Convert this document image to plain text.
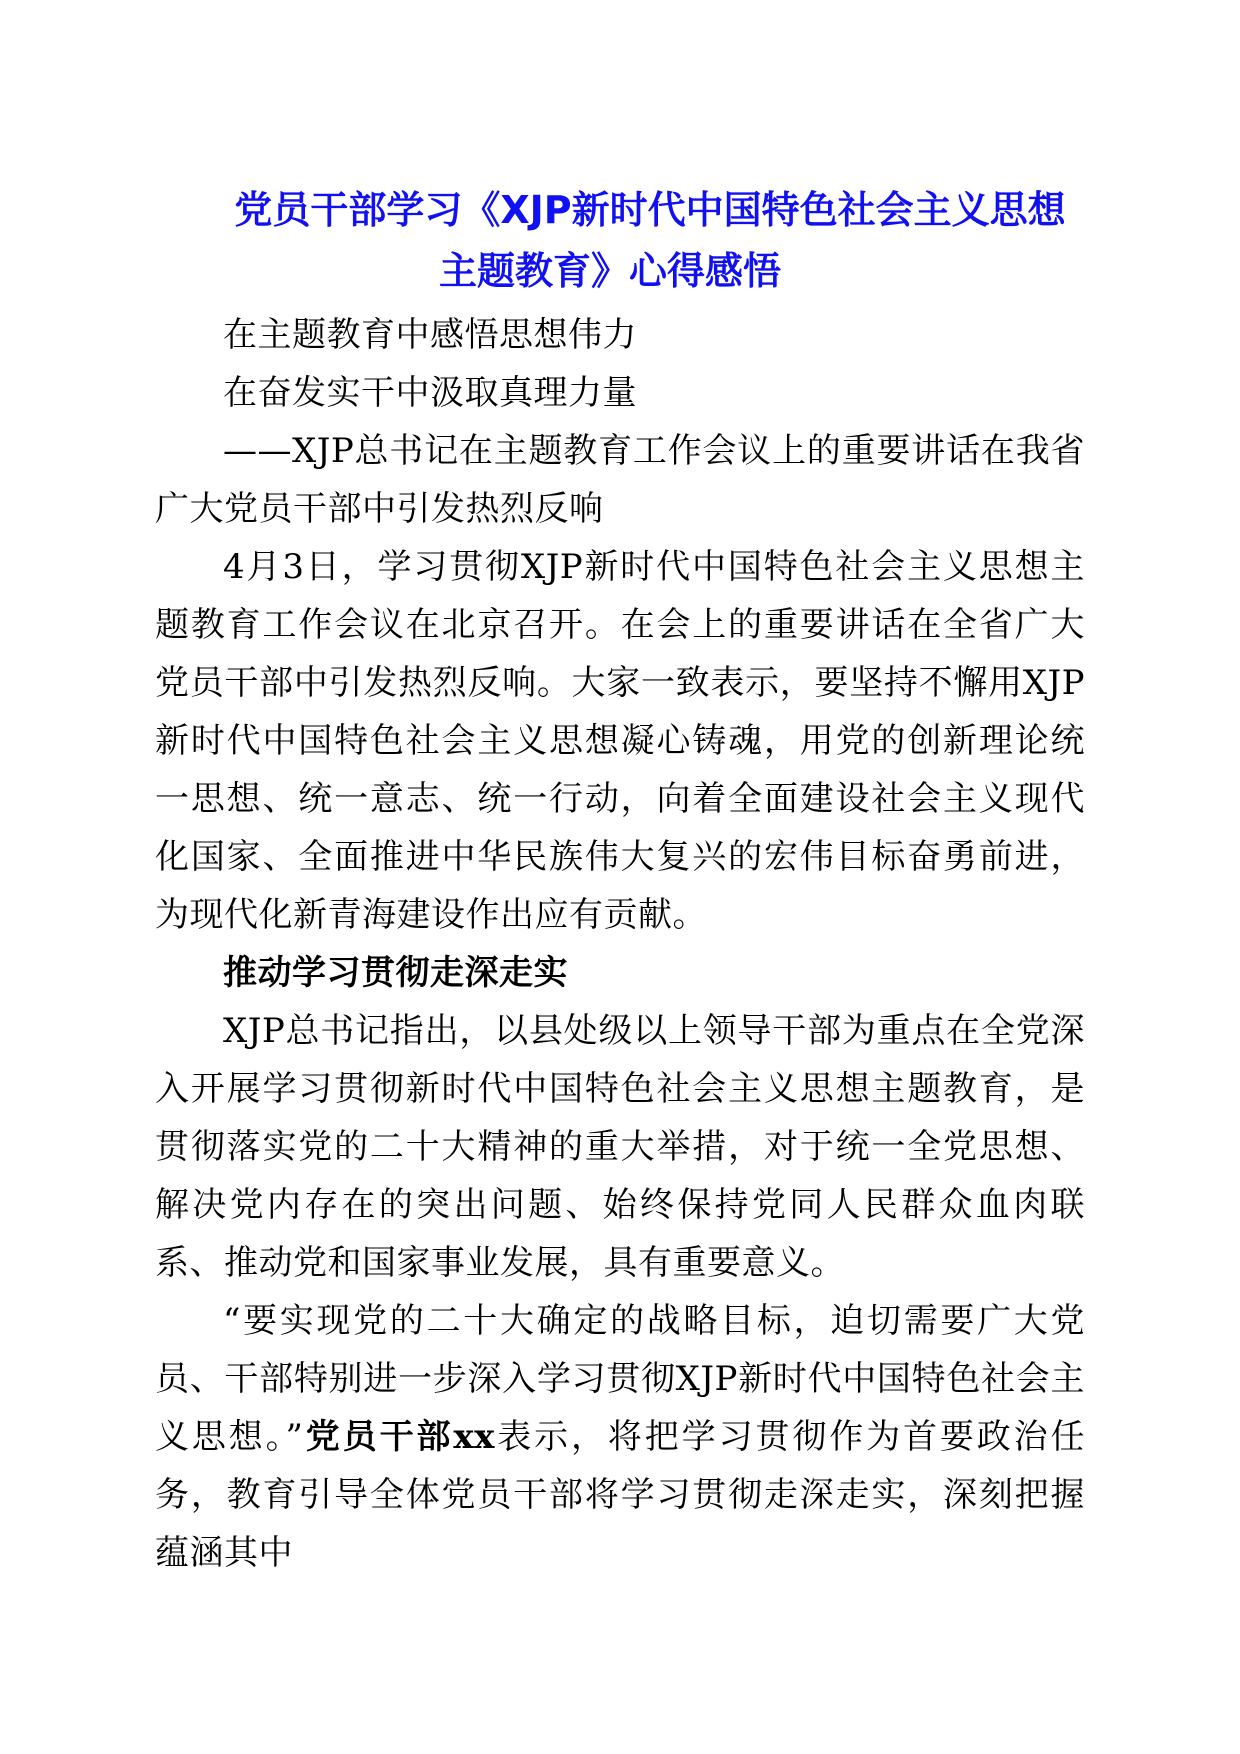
党员干部学习《XJP新时代中国特色社会主义思想
主题教育》心得感悟

在主题教育中感悟思想伟力

在奋发实干中汲取真理力量

——XJP总书记在主题教育工作会议上的重要讲话在我省广大党员干部中引发热烈反响

4月3日，学习贯彻XJP新时代中国特色社会主义思想主题教育工作会议在北京召开。在会上的重要讲话在全省广大党员干部中引发热烈反响。大家一致表示，要坚持不懈用XJP新时代中国特色社会主义思想凝心铸魂，用党的创新理论统一思想、统一意志、统一行动，向着全面建设社会主义现代化国家、全面推进中华民族伟大复兴的宏伟目标奋勇前进，为现代化新青海建设作出应有贡献。

推动学习贯彻走深走实

XJP总书记指出，以县处级以上领导干部为重点在全党深入开展学习贯彻新时代中国特色社会主义思想主题教育，是贯彻落实党的二十大精神的重大举措，对于统一全党思想、解决党内存在的突出问题、始终保持党同人民群众血肉联系、推动党和国家事业发展，具有重要意义。

“要实现党的二十大确定的战略目标，迫切需要广大党员、干部特别进一步深入学习贯彻XJP新时代中国特色社会主义思想。”党员干部xx表示，将把学习贯彻作为首要政治任务，教育引导全体党员干部将学习贯彻走深走实，深刻把握蕴涵其中
